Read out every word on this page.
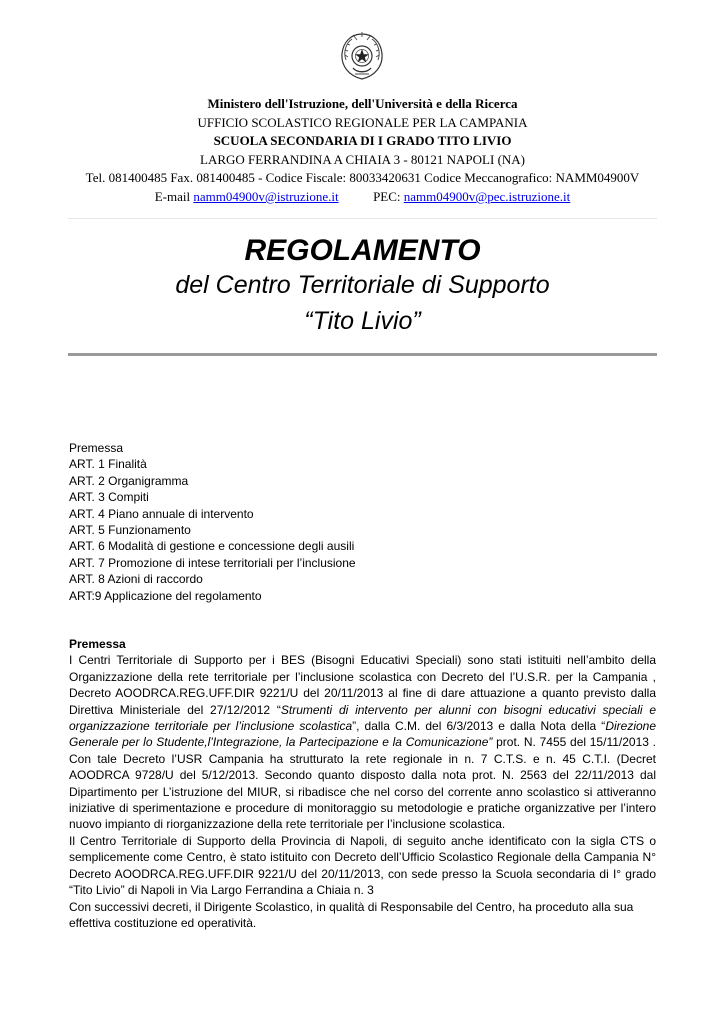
Ministero dell'Istruzione, dell'Università e della Ricerca
UFFICIO SCOLASTICO REGIONALE PER LA CAMPANIA
SCUOLA SECONDARIA DI I GRADO TITO LIVIO
LARGO FERRANDINA A CHIAIA 3 - 80121 NAPOLI (NA)
Tel. 081400485 Fax. 081400485 - Codice Fiscale: 80033420631 Codice Meccanografico: NAMM04900V
E-mail namm04900v@istruzione.it	PEC: namm04900v@pec.istruzione.it
REGOLAMENTO
del Centro Territoriale di Supporto
“Tito Livio”
Premessa
ART. 1 Finalità
ART. 2 Organigramma
ART. 3 Compiti
ART. 4 Piano annuale di intervento
ART. 5 Funzionamento
ART. 6 Modalità di gestione e concessione degli ausili
ART. 7 Promozione di intese territoriali per l’inclusione
ART. 8 Azioni di raccordo
ART:9 Applicazione del regolamento
Premessa

I Centri Territoriale di Supporto per i BES (Bisogni Educativi Speciali) sono stati istituiti nell’ambito della Organizzazione della rete territoriale per l’inclusione scolastica con Decreto del l’U.S.R. per la Campania , Decreto AOODRCA.REG.UFF.DIR 9221/U del 20/11/2013 al fine di dare attuazione a quanto previsto dalla Direttiva Ministeriale del 27/12/2012 “Strumenti di intervento per alunni con bisogni educativi speciali e organizzazione territoriale per l’inclusione scolastica”, dalla C.M. del 6/3/2013 e dalla Nota della “Direzione Generale per lo Studente,l’Integrazione, la Partecipazione e la Comunicazione” prot. N. 7455 del 15/11/2013 . Con tale Decreto l’USR Campania ha strutturato la rete regionale in n. 7 C.T.S. e n. 45 C.T.I. (Decret AOODRCA 9728/U del 5/12/2013. Secondo quanto disposto dalla nota prot. N. 2563 del 22/11/2013 dal Dipartimento per L’istruzione del MIUR, si ribadisce che nel corso del corrente anno scolastico si attiveranno iniziative di sperimentazione e procedure di monitoraggio su metodologie e pratiche organizzative per l’intero nuovo impianto di riorganizzazione della rete territoriale per l’inclusione scolastica.

Il Centro Territoriale di Supporto della Provincia di Napoli, di seguito anche identificato con la sigla CTS o semplicemente come Centro, è stato istituito con Decreto dell’Ufficio Scolastico Regionale della Campania N° Decreto AOODRCA.REG.UFF.DIR 9221/U del 20/11/2013, con sede presso la Scuola secondaria di I° grado “Tito Livio” di Napoli in Via Largo Ferrandina a Chiaia n. 3

Con successivi decreti, il Dirigente Scolastico, in qualità di Responsabile del Centro, ha proceduto alla sua effettiva costituzione ed operatività.
